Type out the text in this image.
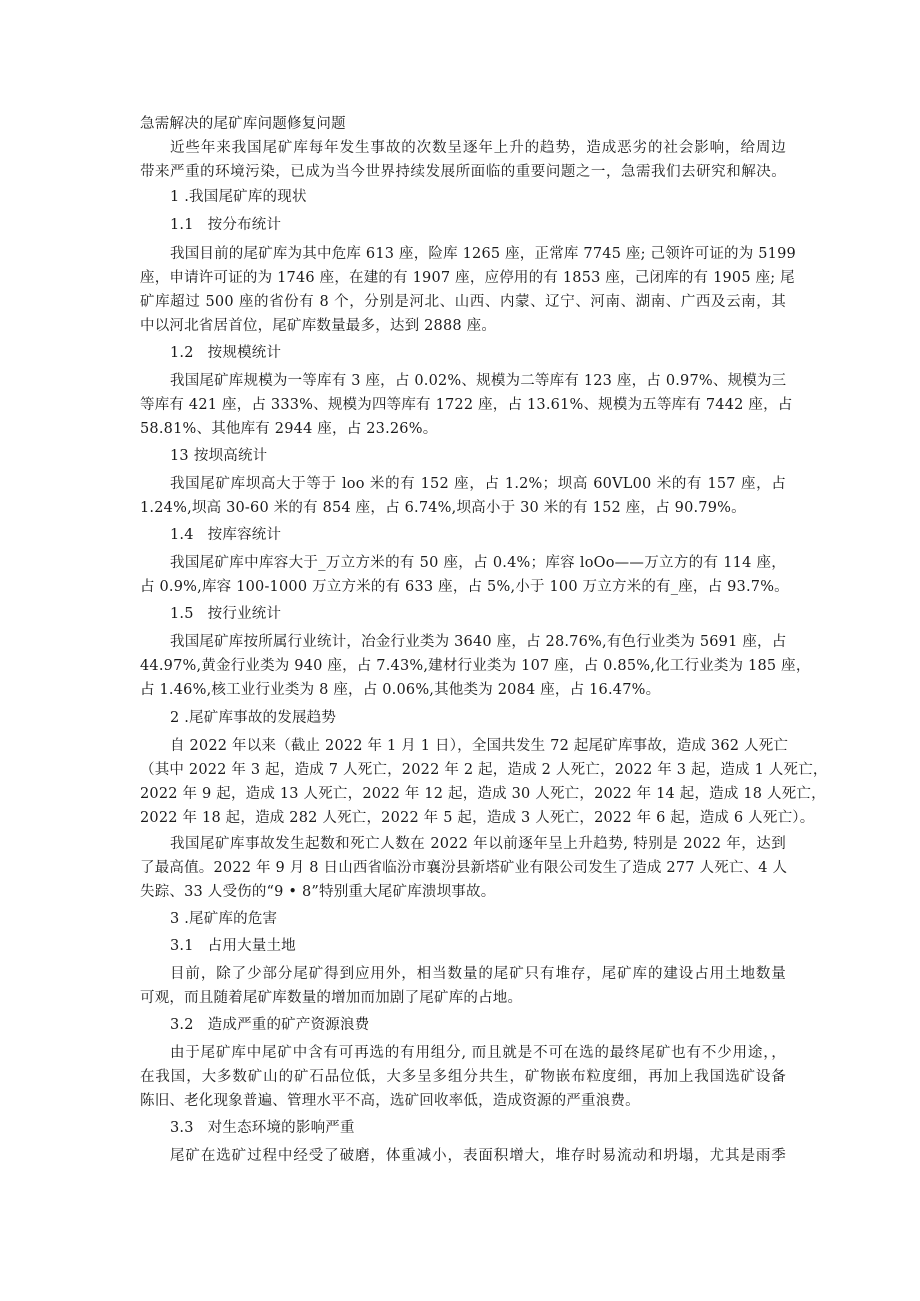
急需解决的尾矿库问题修复问题
近些年来我国尾矿库每年发生事故的次数呈逐年上升的趋势，造成恶劣的社会影响，给周边
带来严重的环境污染，已成为当今世界持续发展所面临的重要问题之一，急需我们去研究和解决。
1 .我国尾矿库的现状
1.1 按分布统计
我国目前的尾矿库为其中危库 613 座，险库 1265 座，正常库 7745 座; 己领许可证的为 5199
座，申请许可证的为 1746 座，在建的有 1907 座，应停用的有 1853 座，己闭库的有 1905 座; 尾
矿库超过 500 座的省份有 8 个，分别是河北、山西、内蒙、辽宁、河南、湖南、广西及云南，其
中以河北省居首位，尾矿库数量最多，达到 2888 座。
1.2 按规模统计
我国尾矿库规模为一等库有 3 座，占 0.02%、规模为二等库有 123 座，占 0.97%、规模为三
等库有 421 座，占 333%、规模为四等库有 1722 座，占 13.61%、规模为五等库有 7442 座，占
58.81%、其他库有 2944 座，占 23.26%。
13 按坝高统计
我国尾矿库坝高大于等于 loo 米的有 152 座，占 1.2%；坝高 60VL00 米的有 157 座，占
1.24%,坝高 30-60 米的有 854 座，占 6.74%,坝高小于 30 米的有 152 座，占 90.79%。
1.4 按库容统计
我国尾矿库中库容大于_万立方米的有 50 座，占 0.4%；库容 loOo——万立方的有 114 座，
占 0.9%,库容 100-1000 万立方米的有 633 座，占 5%,小于 100 万立方米的有_座，占 93.7%。
1.5 按行业统计
我国尾矿库按所属行业统计，冶金行业类为 3640 座，占 28.76%,有色行业类为 5691 座，占
44.97%,黄金行业类为 940 座，占 7.43%,建材行业类为 107 座，占 0.85%,化工行业类为 185 座，
占 1.46%,核工业行业类为 8 座，占 0.06%,其他类为 2084 座，占 16.47%。
2 .尾矿库事故的发展趋势
自 2022 年以来（截止 2022 年 1 月 1 日），全国共发生 72 起尾矿库事故，造成 362 人死亡
（其中 2022 年 3 起，造成 7 人死亡，2022 年 2 起，造成 2 人死亡，2022 年 3 起，造成 1 人死亡，
2022 年 9 起，造成 13 人死亡，2022 年 12 起，造成 30 人死亡，2022 年 14 起，造成 18 人死亡，
2022 年 18 起，造成 282 人死亡，2022 年 5 起，造成 3 人死亡，2022 年 6 起，造成 6 人死亡）。
我国尾矿库事故发生起数和死亡人数在 2022 年以前逐年呈上升趋势, 特别是 2022 年，达到
了最高值。2022 年 9 月 8 日山西省临汾市襄汾县新塔矿业有限公司发生了造成 277 人死亡、4 人
失踪、33 人受伤的“9 • 8”特别重大尾矿库溃坝事故。
3 .尾矿库的危害
3.1 占用大量土地
目前，除了少部分尾矿得到应用外，相当数量的尾矿只有堆存，尾矿库的建设占用土地数量
可观，而且随着尾矿库数量的增加而加剧了尾矿库的占地。
3.2 造成严重的矿产资源浪费
由于尾矿库中尾矿中含有可再选的有用组分, 而且就是不可在选的最终尾矿也有不少用途，，
在我国，大多数矿山的矿石品位低，大多呈多组分共生，矿物嵌布粒度细，再加上我国选矿设备
陈旧、老化现象普遍、管理水平不高，选矿回收率低，造成资源的严重浪费。
3.3 对生态环境的影响严重
尾矿在选矿过程中经受了破磨，体重减小，表面积增大，堆存时易流动和坍塌，尤其是雨季
